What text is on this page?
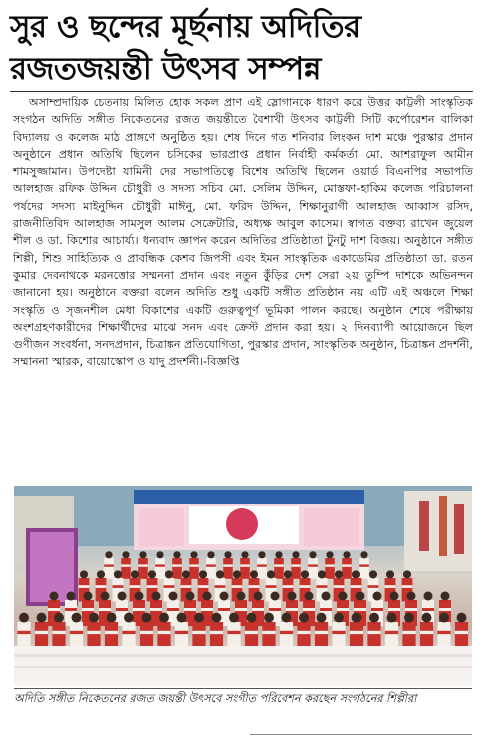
সুর ও ছন্দের মূর্ছনায় অদিতির
রজতজয়ন্তী উৎসব সম্পন্ন

অসাম্প্রদায়িক চেতনায় মিলিত হোক সকল প্রাণ এই স্লোগানকে ধারণ করে উত্তর কাট্টলী সাংস্কৃতিক সংগঠন অদিতি সঙ্গীত নিকেতনের রজত জয়ন্তীতে বৈশাখী উৎসব কাট্টলী সিটি কর্পোরেশন বালিকা বিদ্যালয় ও কলেজ মাঠ প্রাঙ্গণে অনুষ্ঠিত হয়। শেষ দিনে গত শনিবার লিংকন দাশ মঞ্চে পুরস্কার প্রদান অনুষ্ঠানে প্রধান অতিথি ছিলেন চসিকের ভারপ্রাপ্ত প্রধান নির্বাহী কর্মকর্তা মো. আশরাফুল আমীন শামসুজ্জামান। উপদেষ্টা যামিনী দের সভাপতিত্বে বিশেষ অতিথি ছিলেন ওয়ার্ড বিএনপির সভাপতি আলহাজ রফিক উদ্দিন চৌধুরী ও সদস্য সচিব মো. সেলিম উদ্দিন, মোস্তফা-হাকিম কলেজ পরিচালনা পর্ষদের সদস্য মাইনুদ্দিন চৌধুরী মাঈনু, মো. ফরিদ উদ্দিন, শিক্ষানুরাগী আলহাজ আব্বাস রসিদ, রাজনীতিবিদ আলহাজ সামসুল আলম সেক্রেটারি, অধ্যক্ষ আবুল কাসেম। স্বাগত বক্তব্য রাখেন জুয়েল শীল ও ডা. কিশোর আচার্য্য। ধন্যবাদ জ্ঞাপন করেন অদিতির প্রতিষ্ঠাতা টুনটু দাশ বিজয়। অনুষ্ঠানে সঙ্গীত শিল্পী, শিশু সাহিত্যিক ও প্রাবন্ধিক কেশব জিপসী এবং ইমন সাংস্কৃতিক একাডেমির প্রতিষ্ঠাতা ডা. রতন কুমার দেবনাথকে মরনত্তোর সম্মননা প্রদান এবং নতুন কুঁড়ির দেশ সেরা ২য় তুম্পি দাশকে অভিনন্দন জানানো হয়। অনুষ্ঠানে বক্তরা বলেন অদিতি শুধু একটি সঙ্গীত প্রতিষ্ঠান নয় এটি এই অঞ্চলে শিক্ষা সংস্কৃতি ও সৃজনশীল মেধা বিকাশের একটি গুরুত্বপূর্ণ ভূমিকা পালন করছে। অনুষ্ঠান শেষে পরীক্ষায় অংশগ্রহণকারীদের শিক্ষার্থীদের মাঝে সনদ এবং ক্রেস্ট প্রদান করা হয়। ২ দিনব্যাপী আয়োজনে ছিল গুণীজন সংবর্ধনা, সনদপ্রদান, চিত্রাঙ্কন প্রতিযোগিতা, পুরস্কার প্রদান, সাংস্কৃতিক অনুষ্ঠান, চিত্রাঙ্কন প্রদর্শনী, সম্মাননা স্মারক, বায়োস্কোপ ও যাদু প্রদর্শনী।-বিজ্ঞপ্তি

অদিতি সঙ্গীত নিকেতনের রজত জয়ন্তী উৎসবে সংগীত পরিবেশন করছেন সংগঠনের শিল্পীরা
